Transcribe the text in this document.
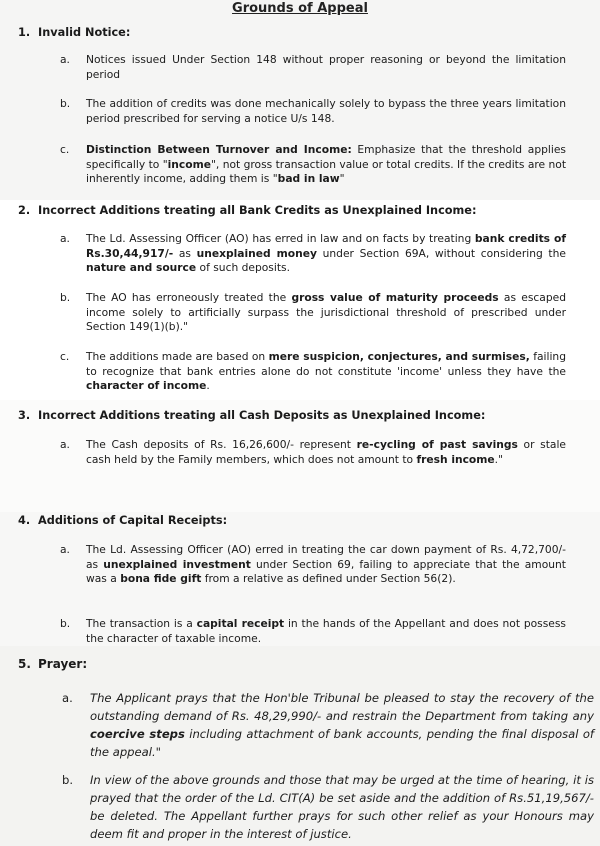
Grounds of Appeal
1. Invalid Notice:
a. Notices issued Under Section 148 without proper reasoning or beyond the limitation period
b. The addition of credits was done mechanically solely to bypass the three years limitation period prescribed for serving a notice U/s 148.
c. Distinction Between Turnover and Income: Emphasize that the threshold applies specifically to "income", not gross transaction value or total credits. If the credits are not inherently income, adding them is "bad in law"
2. Incorrect Additions treating all Bank Credits as Unexplained Income:
a. The Ld. Assessing Officer (AO) has erred in law and on facts by treating bank credits of Rs.30,44,917/- as unexplained money under Section 69A, without considering the nature and source of such deposits.
b. The AO has erroneously treated the gross value of maturity proceeds as escaped income solely to artificially surpass the jurisdictional threshold of prescribed under Section 149(1)(b)."
c. The additions made are based on mere suspicion, conjectures, and surmises, failing to recognize that bank entries alone do not constitute 'income' unless they have the character of income.
3. Incorrect Additions treating all Cash Deposits as Unexplained Income:
a. The Cash deposits of Rs. 16,26,600/- represent re-cycling of past savings or stale cash held by the Family members, which does not amount to fresh income."
4. Additions of Capital Receipts:
a. The Ld. Assessing Officer (AO) erred in treating the car down payment of Rs. 4,72,700/- as unexplained investment under Section 69, failing to appreciate that the amount was a bona fide gift from a relative as defined under Section 56(2).
b. The transaction is a capital receipt in the hands of the Appellant and does not possess the character of taxable income.
5. Prayer:
a. The Applicant prays that the Hon'ble Tribunal be pleased to stay the recovery of the outstanding demand of Rs. 48,29,990/- and restrain the Department from taking any coercive steps including attachment of bank accounts, pending the final disposal of the appeal."
b. In view of the above grounds and those that may be urged at the time of hearing, it is prayed that the order of the Ld. CIT(A) be set aside and the addition of Rs.51,19,567/-be deleted. The Appellant further prays for such other relief as your Honours may deem fit and proper in the interest of justice.
